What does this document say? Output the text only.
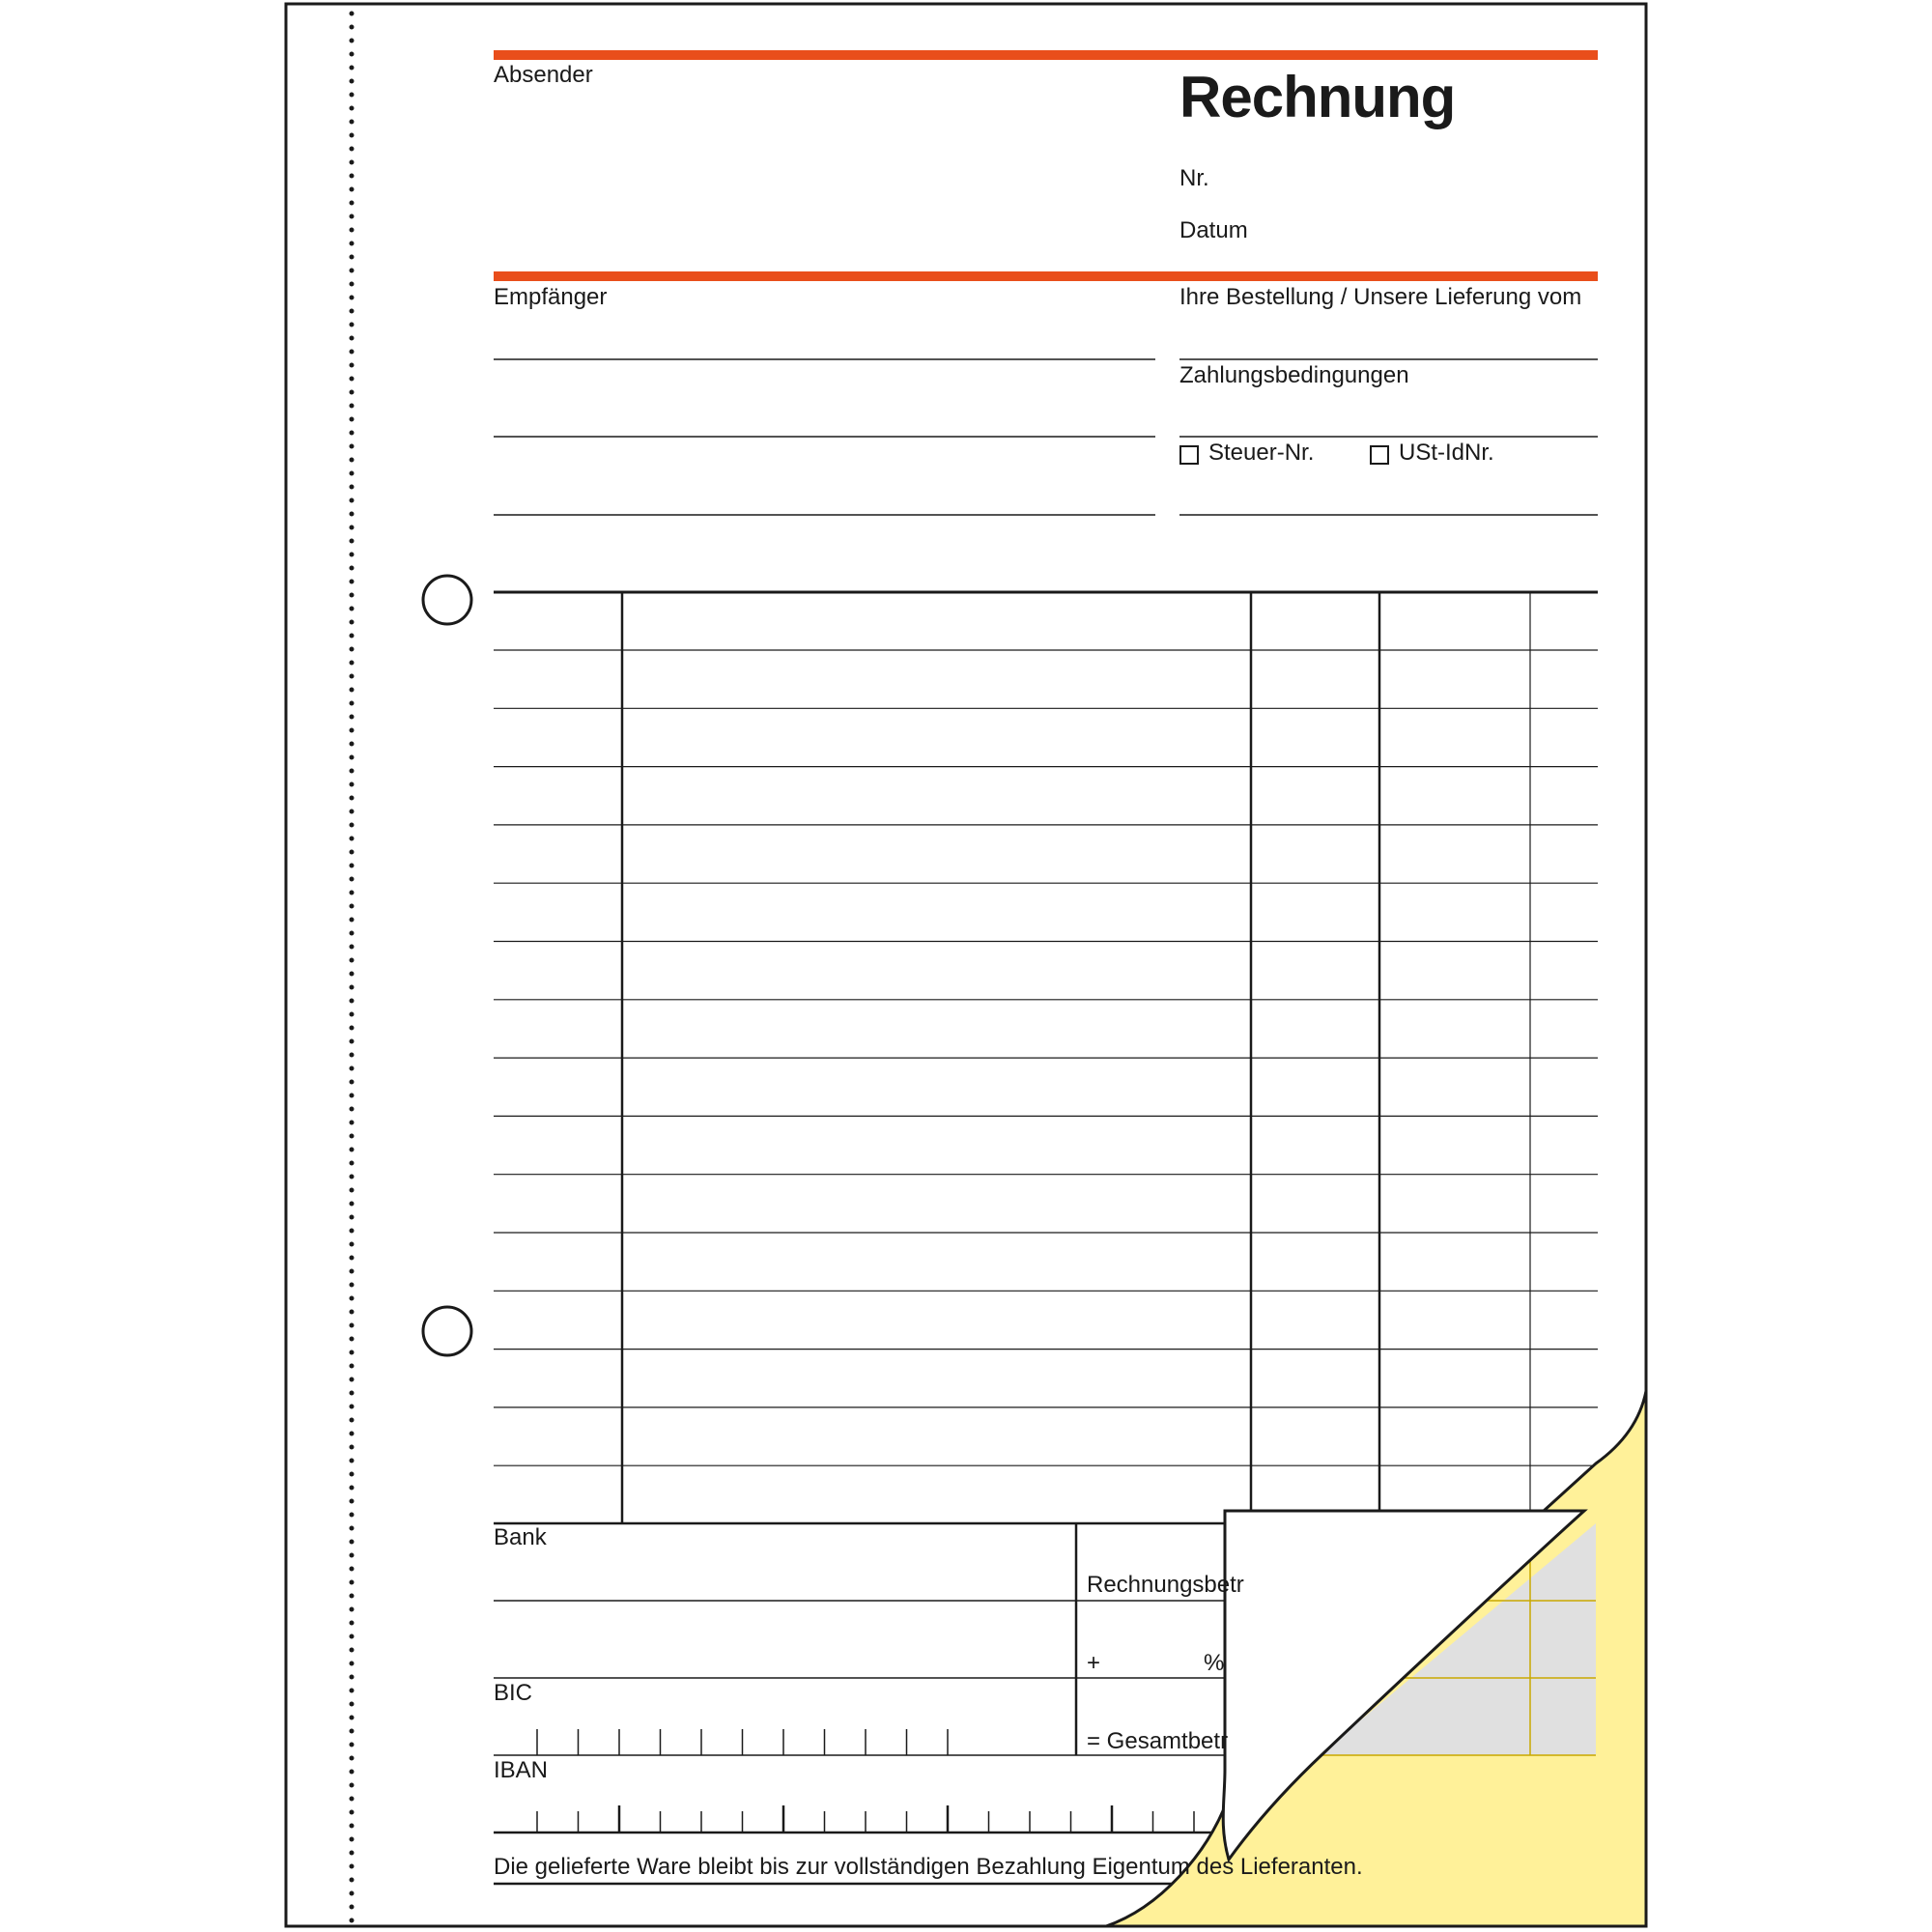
Absender	Rechnung
Nr.
Datum
Empfänger	Ihre Bestellung / Unsere Lieferung vom
Zahlungsbedingungen
Steuer-Nr.	USt-IdNr.
Bank
BIC
IBAN
Rechnungsbetr
+	%
= Gesamtbetr
Die gelieferte Ware bleibt bis zur vollständigen Bezahlung Eigentum des Lieferanten.
